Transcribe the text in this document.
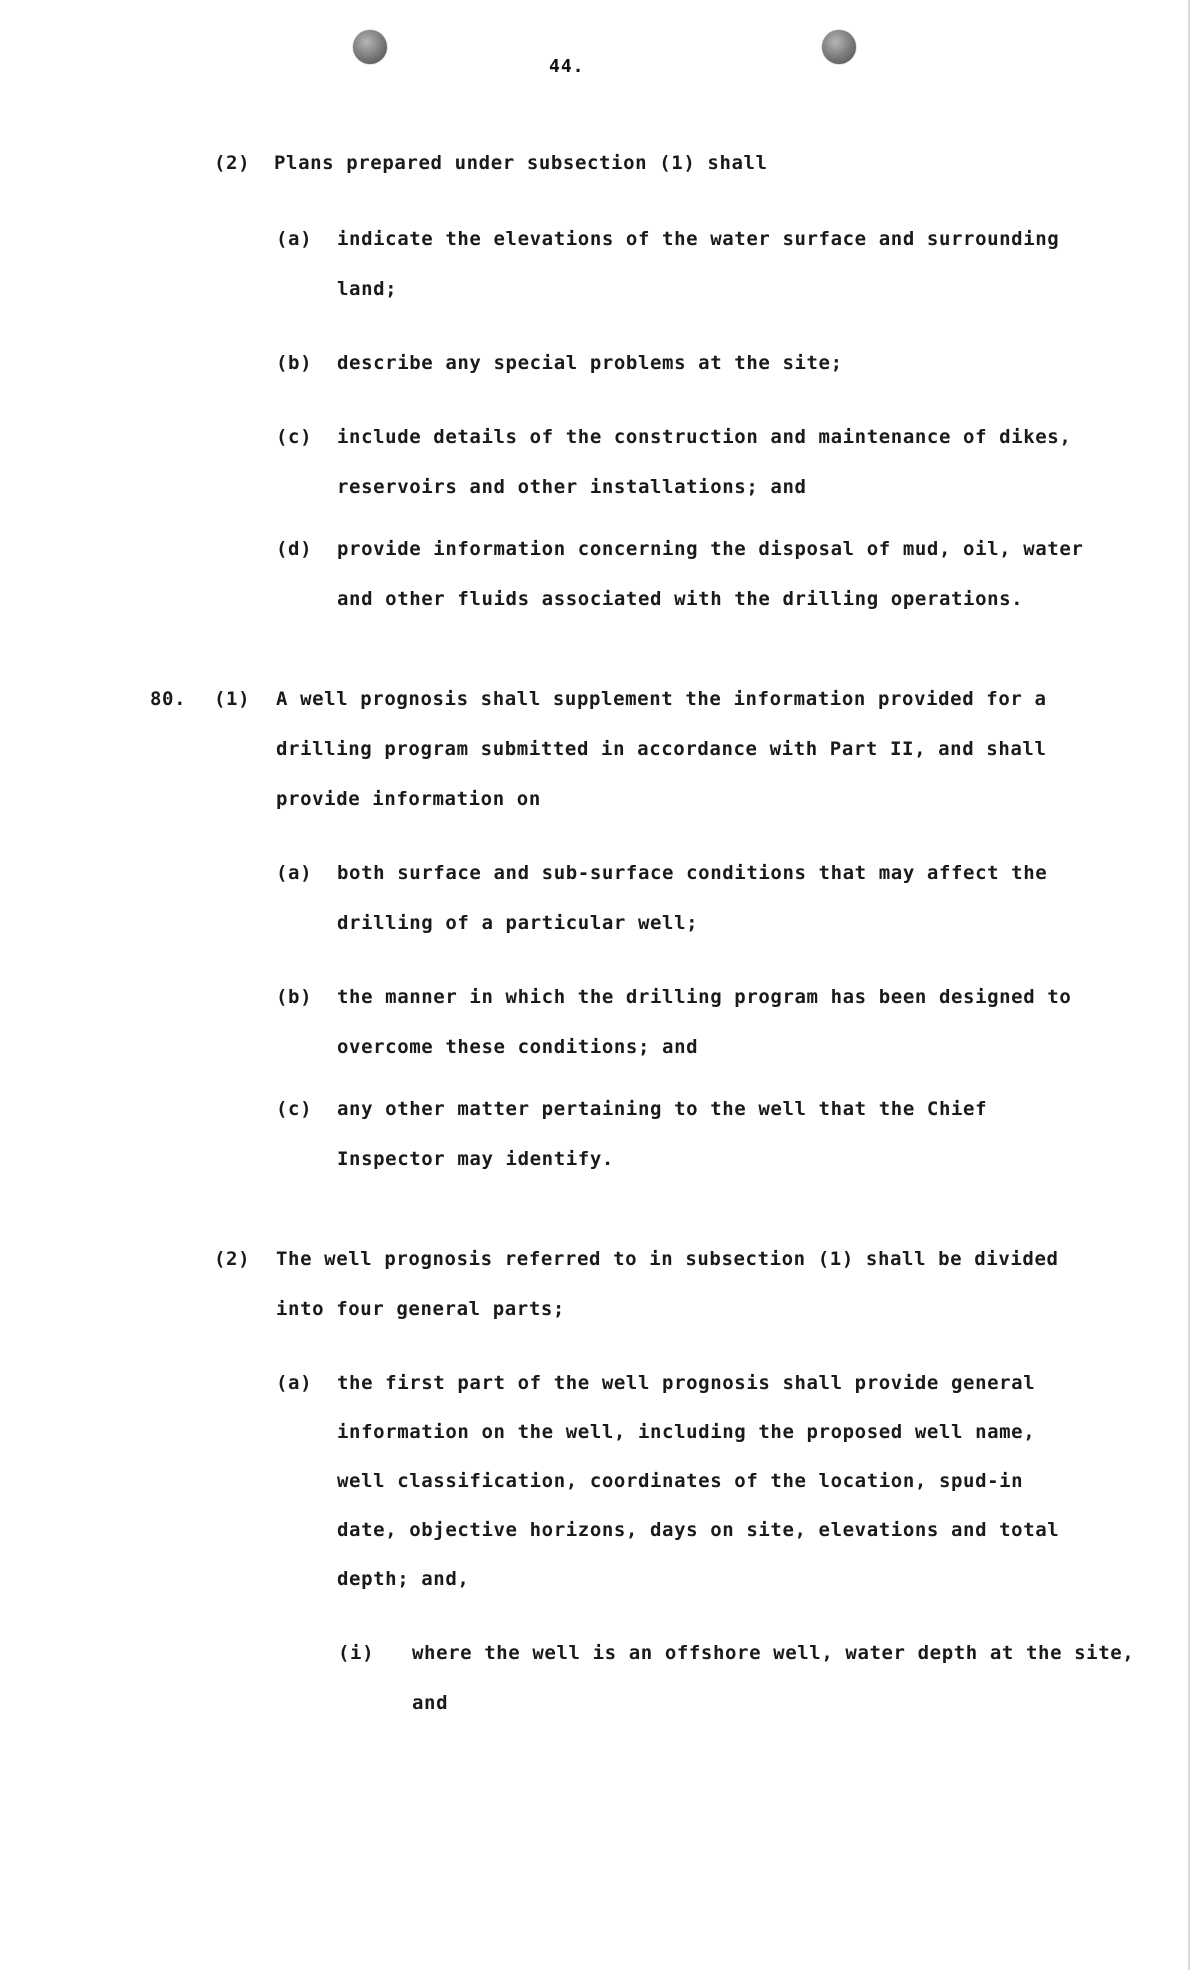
44.
(2) Plans prepared under subsection (1) shall
(a) indicate the elevations of the water surface and surrounding
land;
(b) describe any special problems at the site;
(c) include details of the construction and maintenance of dikes,
reservoirs and other installations; and
(d) provide information concerning the disposal of mud, oil, water
and other fluids associated with the drilling operations.
80. (1) A well prognosis shall supplement the information provided for a
drilling program submitted in accordance with Part II, and shall
provide information on
(a) both surface and sub-surface conditions that may affect the
drilling of a particular well;
(b) the manner in which the drilling program has been designed to
overcome these conditions; and
(c) any other matter pertaining to the well that the Chief
Inspector may identify.
(2) The well prognosis referred to in subsection (1) shall be divided
into four general parts;
(a) the first part of the well prognosis shall provide general
information on the well, including the proposed well name,
well classification, coordinates of the location, spud-in
date, objective horizons, days on site, elevations and total
depth; and,
(i) where the well is an offshore well, water depth at the site,
and
